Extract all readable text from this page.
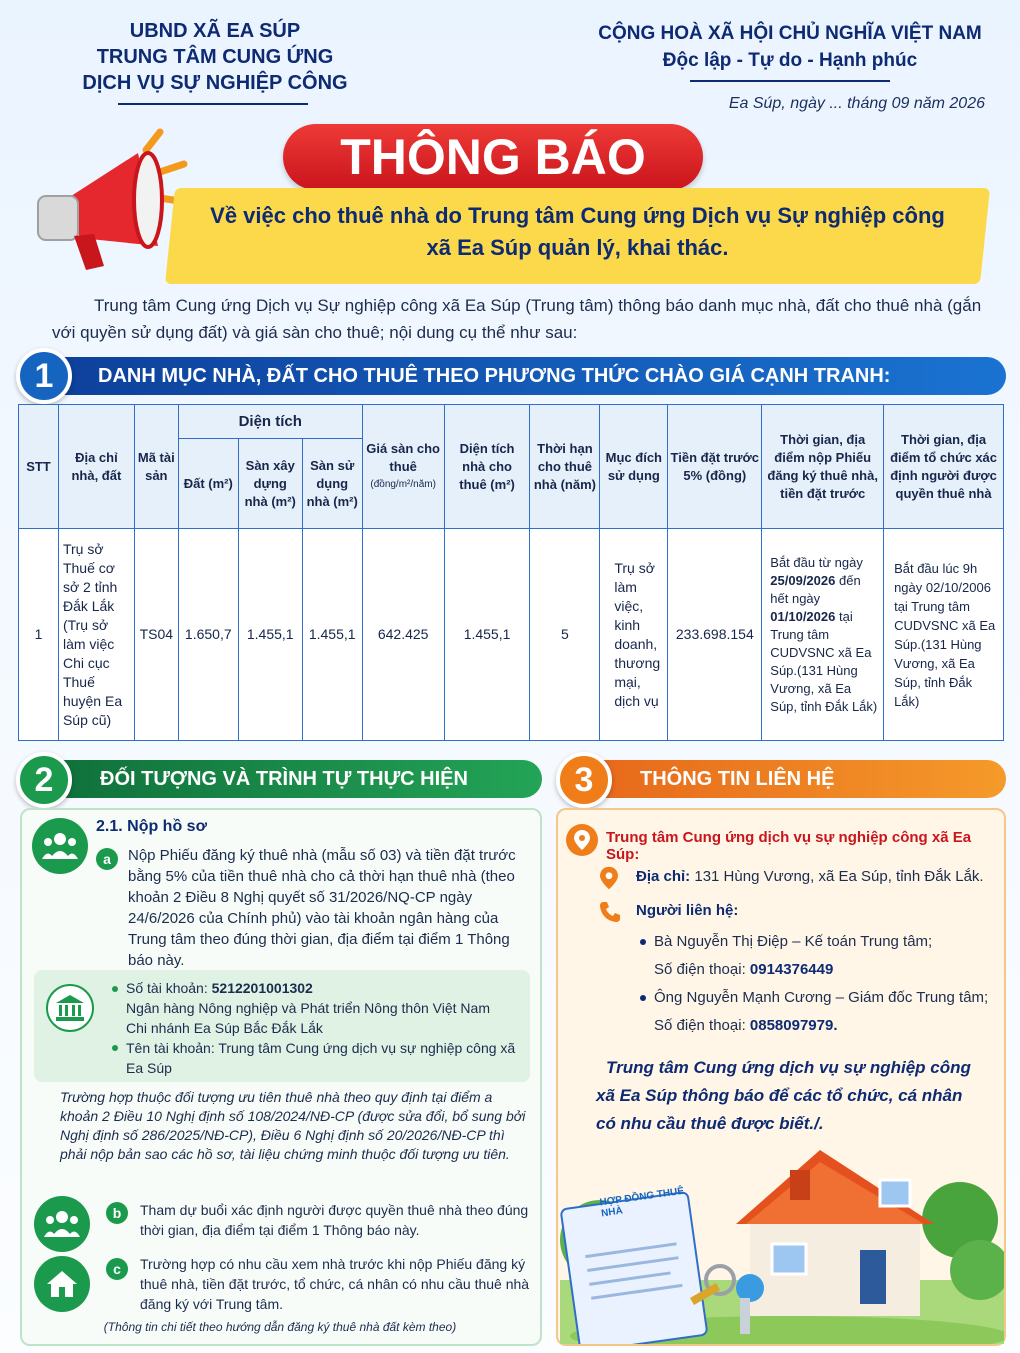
UBND XÃ EA SÚP
TRUNG TÂM CUNG ỨNG
DỊCH VỤ SỰ NGHIỆP CÔNG
CỘNG HOÀ XÃ HỘI CHỦ NGHĨA VIỆT NAM
Độc lập - Tự do - Hạnh phúc
Ea Súp, ngày ... tháng 09 năm 2026
THÔNG BÁO
Về việc cho thuê nhà do Trung tâm Cung ứng Dịch vụ Sự nghiệp công
xã Ea Súp quản lý, khai thác.
Trung tâm Cung ứng Dịch vụ Sự nghiệp công xã Ea Súp (Trung tâm) thông báo danh mục nhà, đất cho thuê nhà (gắn với quyền sử dụng đất) và giá sàn cho thuê; nội dung cụ thể như sau:
DANH MỤC NHÀ, ĐẤT CHO THUÊ THEO PHƯƠNG THỨC CHÀO GIÁ CẠNH TRANH:
1
STT	Địa chỉ nhà, đất	Mã tài sản	Diện tích			Giá sàn cho thuê
(đồng/m²/năm)	Diện tích nhà cho thuê (m²)	Thời hạn cho thuê nhà (năm)	Mục đích sử dụng	Tiền đặt trước 5% (đồng)	Thời gian, địa điểm nộp Phiếu đăng ký thuê nhà, tiền đặt trước	Thời gian, địa điểm tổ chức xác định người được quyền thuê nhà
			Đất (m²)	Sàn xây dựng nhà (m²)	Sàn sử dụng nhà (m²)							
1	Trụ sở Thuế cơ sở 2 tỉnh Đắk Lắk (Trụ sở làm việc Chi cục Thuế huyện Ea Súp cũ)	TS04	1.650,7	1.455,1	1.455,1	642.425	1.455,1	5	Trụ sở làm việc, kinh doanh, thương mại, dịch vụ	233.698.154	Bắt đầu từ ngày 25/09/2026 đến hết ngày 01/10/2026 tại Trung tâm CUDVSNC xã Ea Súp.(131 Hùng Vương, xã Ea Súp, tỉnh Đắk Lắk)	Bắt đầu lúc 9h ngày 02/10/2006 tại Trung tâm CUDVSNC xã Ea Súp.(131 Hùng Vương, xã Ea Súp, tỉnh Đắk Lắk)
ĐỐI TƯỢNG VÀ TRÌNH TỰ THỰC HIỆN
2
2.1. Nộp hồ sơ
a	Nộp Phiếu đăng ký thuê nhà (mẫu số 03) và tiền đặt trước bằng 5% của tiền thuê nhà cho cả thời hạn thuê nhà (theo khoản 2 Điều 8 Nghị quyết số 31/2026/NQ-CP ngày 24/6/2026 của Chính phủ) vào tài khoản ngân hàng của Trung tâm theo đúng thời gian, địa điểm tại điểm 1 Thông báo này.
Số tài khoản: 5212201001302
Ngân hàng Nông nghiệp và Phát triển Nông thôn Việt Nam
Chi nhánh Ea Súp Bắc Đắk Lắk
Tên tài khoản: Trung tâm Cung ứng dịch vụ sự nghiệp công xã Ea Súp
Trường hợp thuộc đối tượng ưu tiên thuê nhà theo quy định tại điểm a khoản 2 Điều 10 Nghị định số 108/2024/NĐ-CP (được sửa đổi, bổ sung bởi Nghị định số 286/2025/NĐ-CP), Điều 6 Nghị định số 20/2026/NĐ-CP thì phải nộp bản sao các hồ sơ, tài liệu chứng minh thuộc đối tượng ưu tiên.
b	Tham dự buổi xác định người được quyền thuê nhà theo đúng thời gian, địa điểm tại điểm 1 Thông báo này.
c	Trường hợp có nhu cầu xem nhà trước khi nộp Phiếu đăng ký thuê nhà, tiền đặt trước, tổ chức, cá nhân có nhu cầu thuê nhà đăng ký với Trung tâm.
(Thông tin chi tiết theo hướng dẫn đăng ký thuê nhà đất kèm theo)
THÔNG TIN LIÊN HỆ
3
Trung tâm Cung ứng dịch vụ sự nghiệp công xã Ea Súp:
Địa chỉ: 131 Hùng Vương, xã Ea Súp, tỉnh Đắk Lắk.
Người liên hệ:
Bà Nguyễn Thị Điệp – Kế toán Trung tâm;
Số điện thoại: 0914376449
Ông Nguyễn Mạnh Cương – Giám đốc Trung tâm;
Số điện thoại: 0858097979.
Trung tâm Cung ứng dịch vụ sự nghiệp công xã Ea Súp thông báo để các tổ chức, cá nhân có nhu cầu thuê được biết./.
HỢP ĐỒNG THUÊ NHÀ
